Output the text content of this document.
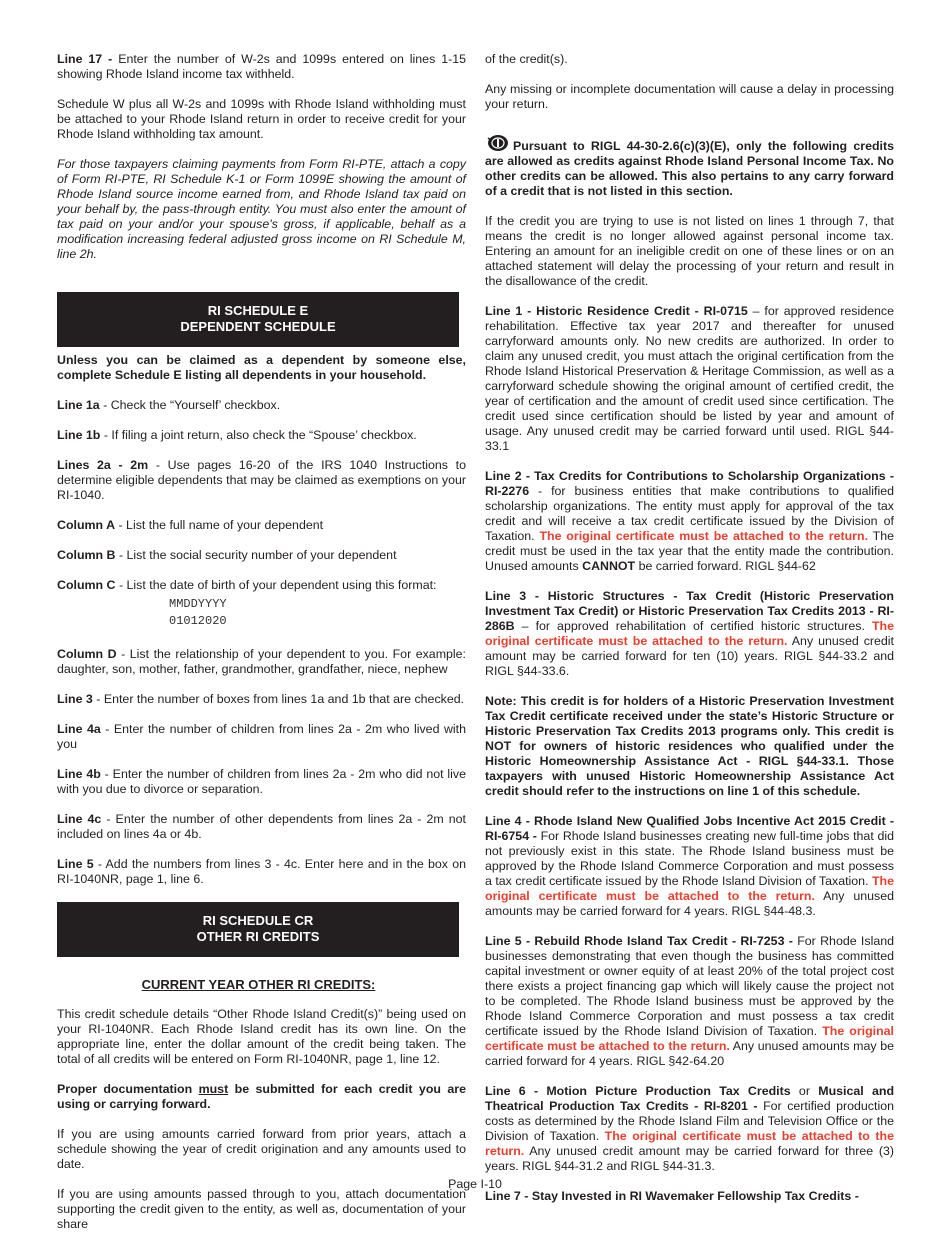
Line 17 - Enter the number of W-2s and 1099s entered on lines 1-15 showing Rhode Island income tax withheld.

Schedule W plus all W-2s and 1099s with Rhode Island withholding must be attached to your Rhode Island return in order to receive credit for your Rhode Island withholding tax amount.

For those taxpayers claiming payments from Form RI-PTE, attach a copy of Form RI-PTE, RI Schedule K-1 or Form 1099E showing the amount of Rhode Island source income earned from, and Rhode Island tax paid on your behalf by, the pass-through entity. You must also enter the amount of tax paid on your and/or your spouse's gross, if applicable, behalf as a modification increasing federal adjusted gross income on RI Schedule M, line 2h.

RI SCHEDULE E
DEPENDENT SCHEDULE

Unless you can be claimed as a dependent by someone else, complete Schedule E listing all dependents in your household.

Line 1a - Check the “Yourself’ checkbox.

Line 1b - If filing a joint return, also check the “Spouse’ checkbox.

Lines 2a - 2m - Use pages 16-20 of the IRS 1040 Instructions to determine eligible dependents that may be claimed as exemptions on your RI-1040.

Column A - List the full name of your dependent

Column B - List the social security number of your dependent

Column C - List the date of birth of your dependent using this format:

MMDDYYYY
01012020

Column D - List the relationship of your dependent to you. For example: daughter, son, mother, father, grandmother, grandfather, niece, nephew

Line 3 - Enter the number of boxes from lines 1a and 1b that are checked.

Line 4a - Enter the number of children from lines 2a - 2m who lived with you

Line 4b - Enter the number of children from lines 2a - 2m who did not live with you due to divorce or separation.

Line 4c - Enter the number of other dependents from lines 2a - 2m not included on lines 4a or 4b.

Line 5 - Add the numbers from lines 3 - 4c. Enter here and in the box on RI-1040NR, page 1, line 6.

RI SCHEDULE CR
OTHER RI CREDITS
CURRENT YEAR OTHER RI CREDITS:

This credit schedule details “Other Rhode Island Credit(s)” being used on your RI-1040NR. Each Rhode Island credit has its own line. On the appropriate line, enter the dollar amount of the credit being taken. The total of all credits will be entered on Form RI-1040NR, page 1, line 12.

Proper documentation must be submitted for each credit you are using or carrying forward.

If you are using amounts carried forward from prior years, attach a schedule showing the year of credit origination and any amounts used to date.

If you are using amounts passed through to you, attach documentation supporting the credit given to the entity, as well as, documentation of your share

of the credit(s).

Any missing or incomplete documentation will cause a delay in processing your return.

Pursuant to RIGL 44-30-2.6(c)(3)(E), only the following credits are allowed as credits against Rhode Island Personal Income Tax. No other credits can be allowed. This also pertains to any carry forward of a credit that is not listed in this section.

If the credit you are trying to use is not listed on lines 1 through 7, that means the credit is no longer allowed against personal income tax. Entering an amount for an ineligible credit on one of these lines or on an attached statement will delay the processing of your return and result in the disallowance of the credit.

Line 1 - Historic Residence Credit - RI-0715 – for approved residence rehabilitation. Effective tax year 2017 and thereafter for unused carryforward amounts only. No new credits are authorized. In order to claim any unused credit, you must attach the original certification from the Rhode Island Historical Preservation & Heritage Commission, as well as a carryforward schedule showing the original amount of certified credit, the year of certification and the amount of credit used since certification. The credit used since certification should be listed by year and amount of usage. Any unused credit may be carried forward until used. RIGL §44-33.1

Line 2 - Tax Credits for Contributions to Scholarship Organizations - RI-2276 - for business entities that make contributions to qualified scholarship organizations. The entity must apply for approval of the tax credit and will receive a tax credit certificate issued by the Division of Taxation. The original certificate must be attached to the return. The credit must be used in the tax year that the entity made the contribution. Unused amounts CANNOT be carried forward. RIGL §44-62

Line 3 - Historic Structures - Tax Credit (Historic Preservation Investment Tax Credit) or Historic Preservation Tax Credits 2013 - RI-286B – for approved rehabilitation of certified historic structures. The original certificate must be attached to the return. Any unused credit amount may be carried forward for ten (10) years. RIGL §44-33.2 and RIGL §44-33.6.

Note: This credit is for holders of a Historic Preservation Investment Tax Credit certificate received under the state’s Historic Structure or Historic Preservation Tax Credits 2013 programs only. This credit is NOT for owners of historic residences who qualified under the Historic Homeownership Assistance Act - RIGL §44-33.1. Those taxpayers with unused Historic Homeownership Assistance Act credit should refer to the instructions on line 1 of this schedule.

Line 4 - Rhode Island New Qualified Jobs Incentive Act 2015 Credit - RI-6754 - For Rhode Island businesses creating new full-time jobs that did not previously exist in this state. The Rhode Island business must be approved by the Rhode Island Commerce Corporation and must possess a tax credit certificate issued by the Rhode Island Division of Taxation. The original certificate must be attached to the return. Any unused amounts may be carried forward for 4 years. RIGL §44-48.3.

Line 5 - Rebuild Rhode Island Tax Credit - RI-7253 - For Rhode Island businesses demonstrating that even though the business has committed capital investment or owner equity of at least 20% of the total project cost there exists a project financing gap which will likely cause the project not to be completed. The Rhode Island business must be approved by the Rhode Island Commerce Corporation and must possess a tax credit certificate issued by the Rhode Island Division of Taxation. The original certificate must be attached to the return. Any unused amounts may be carried forward for 4 years. RIGL §42-64.20

Line 6 - Motion Picture Production Tax Credits or Musical and Theatrical Production Tax Credits - RI-8201 - For certified production costs as determined by the Rhode Island Film and Television Office or the Division of Taxation. The original certificate must be attached to the return. Any unused credit amount may be carried forward for three (3) years. RIGL §44-31.2 and RIGL §44-31.3.

Line 7 - Stay Invested in RI Wavemaker Fellowship Tax Credits -

Page I-10
